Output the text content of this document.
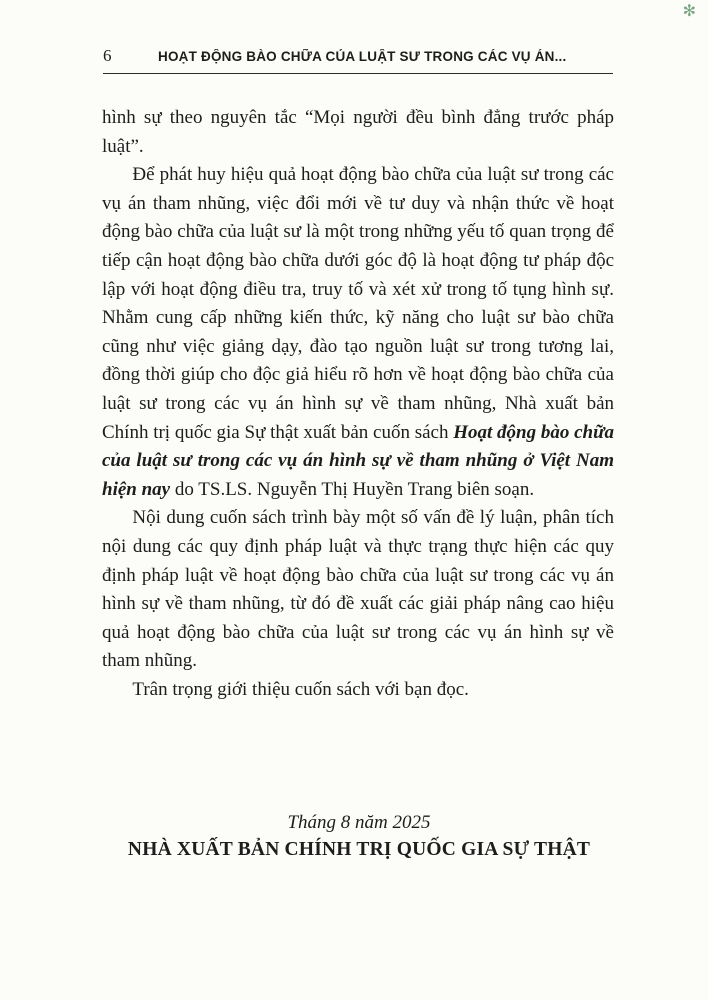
✻
6	HOẠT ĐỘNG BÀO CHỮA CỦA LUẬT SƯ TRONG CÁC VỤ ÁN...

hình sự theo nguyên tắc “Mọi người đều bình đẳng trước pháp luật”.

Để phát huy hiệu quả hoạt động bào chữa của luật sư trong các vụ án tham nhũng, việc đổi mới về tư duy và nhận thức về hoạt động bào chữa của luật sư là một trong những yếu tố quan trọng để tiếp cận hoạt động bào chữa dưới góc độ là hoạt động tư pháp độc lập với hoạt động điều tra, truy tố và xét xử trong tố tụng hình sự. Nhằm cung cấp những kiến thức, kỹ năng cho luật sư bào chữa cũng như việc giảng dạy, đào tạo nguồn luật sư trong tương lai, đồng thời giúp cho độc giả hiểu rõ hơn về hoạt động bào chữa của luật sư trong các vụ án hình sự về tham nhũng, Nhà xuất bản Chính trị quốc gia Sự thật xuất bản cuốn sách Hoạt động bào chữa của luật sư trong các vụ án hình sự về tham nhũng ở Việt Nam hiện nay do TS.LS. Nguyễn Thị Huyền Trang biên soạn.

Nội dung cuốn sách trình bày một số vấn đề lý luận, phân tích nội dung các quy định pháp luật và thực trạng thực hiện các quy định pháp luật về hoạt động bào chữa của luật sư trong các vụ án hình sự về tham nhũng, từ đó đề xuất các giải pháp nâng cao hiệu quả hoạt động bào chữa của luật sư trong các vụ án hình sự về tham nhũng.

Trân trọng giới thiệu cuốn sách với bạn đọc.

Tháng 8 năm 2025
NHÀ XUẤT BẢN CHÍNH TRỊ QUỐC GIA SỰ THẬT
